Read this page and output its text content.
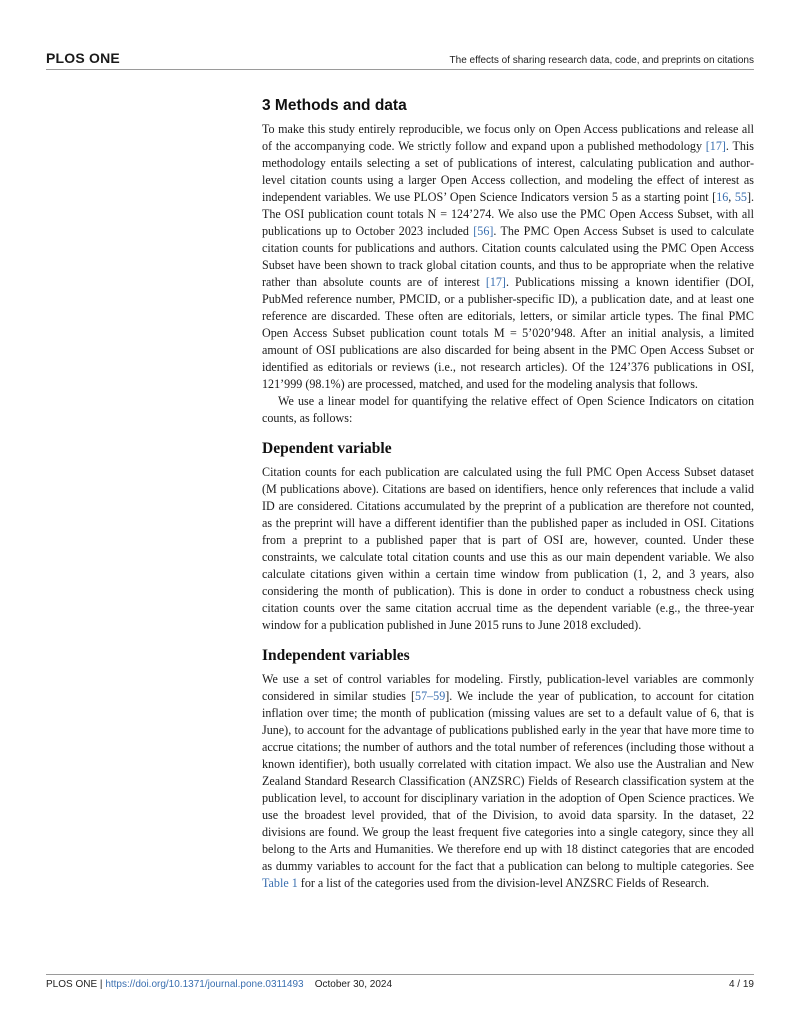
PLOS ONE	The effects of sharing research data, code, and preprints on citations
3 Methods and data

To make this study entirely reproducible, we focus only on Open Access publications and release all of the accompanying code. We strictly follow and expand upon a published methodology [17]. This methodology entails selecting a set of publications of interest, calculating publication and author-level citation counts using a larger Open Access collection, and modeling the effect of interest as independent variables. We use PLOS’ Open Science Indicators version 5 as a starting point [16, 55]. The OSI publication count totals N = 124’274. We also use the PMC Open Access Subset, with all publications up to October 2023 included [56]. The PMC Open Access Subset is used to calculate citation counts for publications and authors. Citation counts calculated using the PMC Open Access Subset have been shown to track global citation counts, and thus to be appropriate when the relative rather than absolute counts are of interest [17]. Publications missing a known identifier (DOI, PubMed reference number, PMCID, or a publisher-specific ID), a publication date, and at least one reference are discarded. These often are editorials, letters, or similar article types. The final PMC Open Access Subset publication count totals M = 5’020’948. After an initial analysis, a limited amount of OSI publications are also discarded for being absent in the PMC Open Access Subset or identified as editorials or reviews (i.e., not research articles). Of the 124’376 publications in OSI, 121’999 (98.1%) are processed, matched, and used for the modeling analysis that follows.

We use a linear model for quantifying the relative effect of Open Science Indicators on citation counts, as follows:

Dependent variable

Citation counts for each publication are calculated using the full PMC Open Access Subset dataset (M publications above). Citations are based on identifiers, hence only references that include a valid ID are considered. Citations accumulated by the preprint of a publication are therefore not counted, as the preprint will have a different identifier than the published paper as included in OSI. Citations from a preprint to a published paper that is part of OSI are, however, counted. Under these constraints, we calculate total citation counts and use this as our main dependent variable. We also calculate citations given within a certain time window from publication (1, 2, and 3 years, also considering the month of publication). This is done in order to conduct a robustness check using citation counts over the same citation accrual time as the dependent variable (e.g., the three-year window for a publication published in June 2015 runs to June 2018 excluded).

Independent variables

We use a set of control variables for modeling. Firstly, publication-level variables are commonly considered in similar studies [57–59]. We include the year of publication, to account for citation inflation over time; the month of publication (missing values are set to a default value of 6, that is June), to account for the advantage of publications published early in the year that have more time to accrue citations; the number of authors and the total number of references (including those without a known identifier), both usually correlated with citation impact. We also use the Australian and New Zealand Standard Research Classification (ANZSRC) Fields of Research classification system at the publication level, to account for disciplinary variation in the adoption of Open Science practices. We use the broadest level provided, that of the Division, to avoid data sparsity. In the dataset, 22 divisions are found. We group the least frequent five categories into a single category, since they all belong to the Arts and Humanities. We therefore end up with 18 distinct categories that are encoded as dummy variables to account for the fact that a publication can belong to multiple categories. See Table 1 for a list of the categories used from the division-level ANZSRC Fields of Research.

PLOS ONE | https://doi.org/10.1371/journal.pone.0311493 October 30, 2024	4 / 19
